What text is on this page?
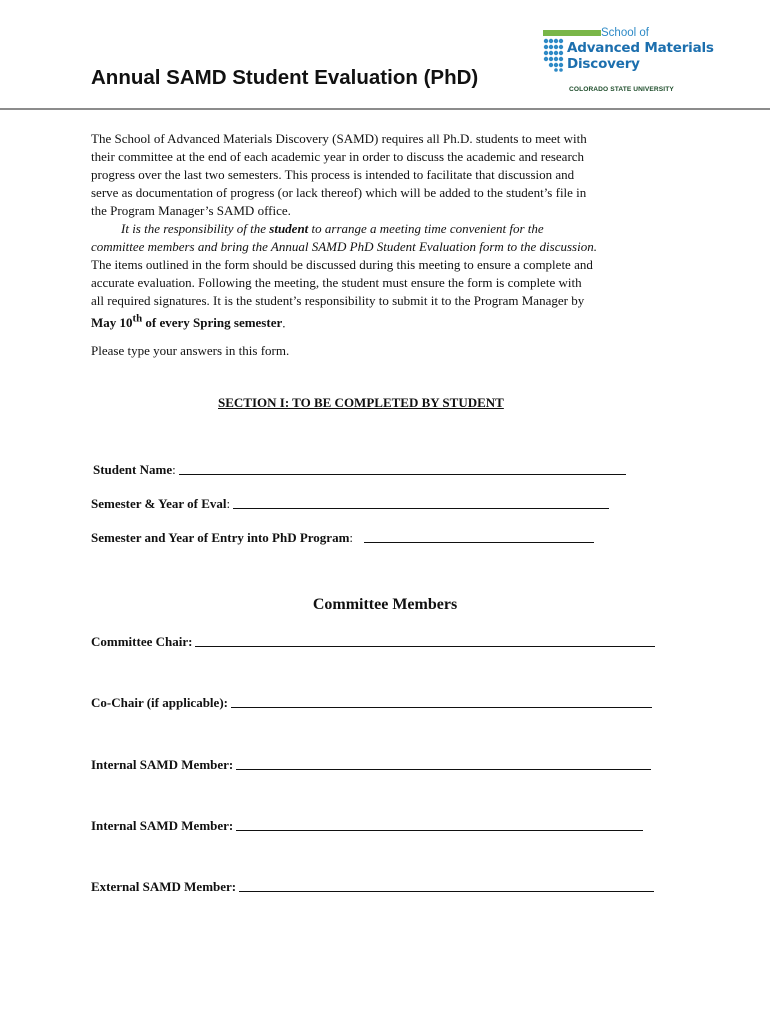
Annual SAMD Student Evaluation (PhD)
School of
Advanced Materials
Discovery
COLORADO STATE UNIVERSITY
The School of Advanced Materials Discovery (SAMD) requires all Ph.D. students to meet with
their committee at the end of each academic year in order to discuss the academic and research
progress over the last two semesters. This process is intended to facilitate that discussion and
serve as documentation of progress (or lack thereof) which will be added to the student’s file in
the Program Manager’s SAMD office.
It is the responsibility of the student to arrange a meeting time convenient for the
committee members and bring the Annual SAMD PhD Student Evaluation form to the discussion.
The items outlined in the form should be discussed during this meeting to ensure a complete and
accurate evaluation. Following the meeting, the student must ensure the form is complete with
all required signatures. It is the student’s responsibility to submit it to the Program Manager by
May 10th of every Spring semester.

Please type your answers in this form.

SECTION I: TO BE COMPLETED BY STUDENT

Student Name :
Semester & Year of Eval :
Semester and Year of Entry into PhD Program :
Committee Members
Committee Chair:
Co-Chair (if applicable):
Internal SAMD Member:
Internal SAMD Member:
External SAMD Member:
